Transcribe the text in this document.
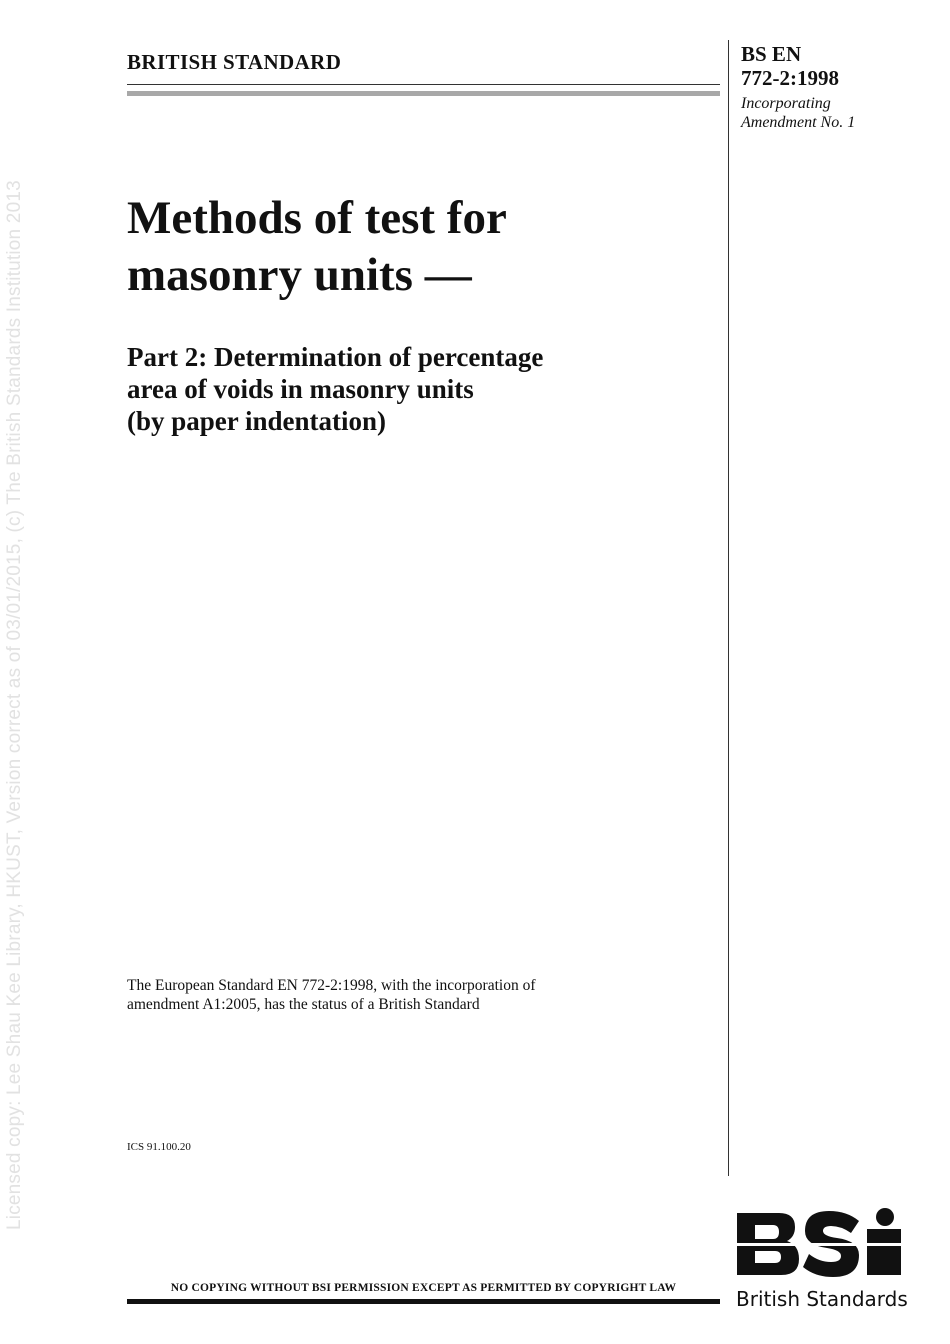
Licensed copy: Lee Shau Kee Library, HKUST, Version correct as of 03/01/2015, (c) The British Standards Institution 2013
BRITISH STANDARD	BS EN
772-2:1998
Incorporating
Amendment No. 1
Methods of test for
masonry units —
Part 2: Determination of percentage
area of voids in masonry units
(by paper indentation)
The European Standard EN 772-2:1998, with the incorporation of
amendment A1:2005, has the status of a British Standard
ICS 91.100.20
NO COPYING WITHOUT BSI PERMISSION EXCEPT AS PERMITTED BY COPYRIGHT LAW	British Standards
